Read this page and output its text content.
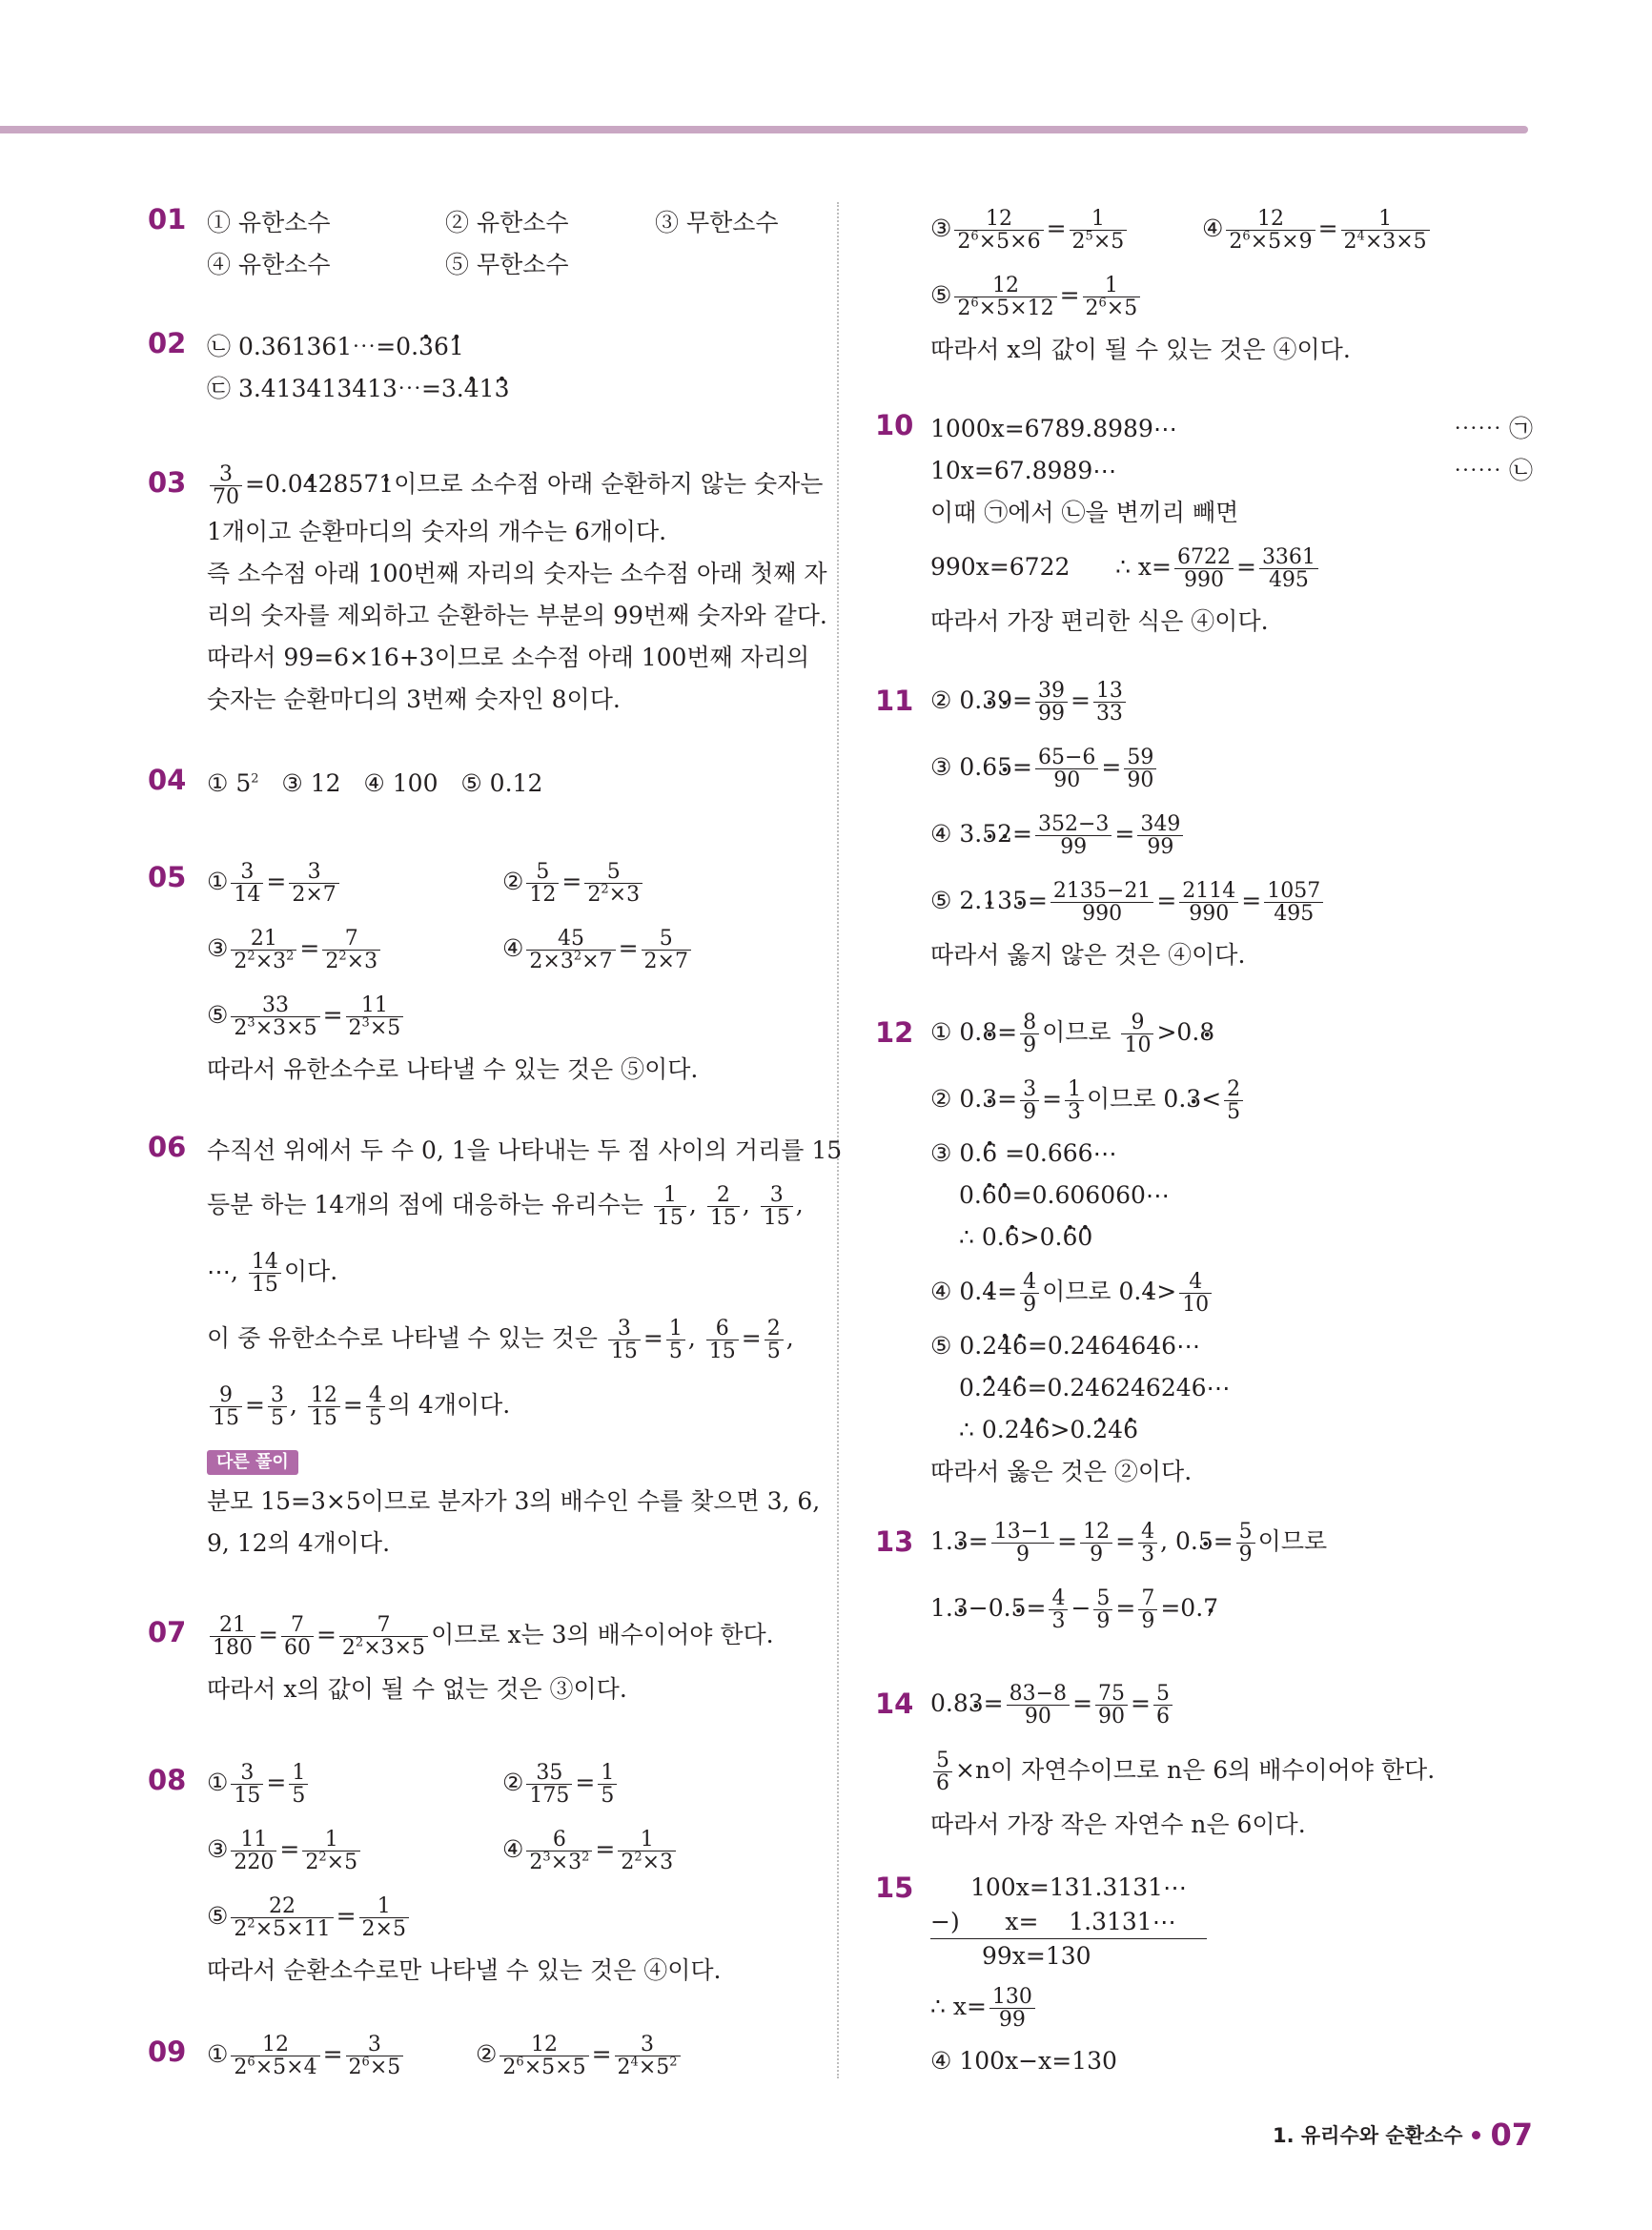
01 ① 유한소수	② 유한소수	③ 무한소수
④ 유한소수	⑤ 무한소수
02 ㉡ 0.361361⋯=0.· 36· 1
㉢ 3.413413413⋯=3.· 41· 3
$03 \frac{3}{70} =0.0\cdot 42857\cdot 1$이므로 소수점 아래 순환하지 않는 숫자는
1개이고 순환마디의 숫자의 개수는 6개이다.
즉 소수점 아래 100번째 자리의 숫자는 소수점 아래 첫째 자
리의 숫자를 제외하고 순환하는 부분의 99번째 숫자와 같다.
따라서 99=6×16+3이므로 소수점 아래 100번째 자리의
숫자는 순환마디의 3번째 숫자인 8이다.
04 ① $5^2$ ③ 12 ④ 100 ⑤ 0.12
05 ① $\frac{3}{14} = \frac{3}{2\times 7}$	② $\frac{5}{12} = \frac{5}{2^2\times 3}$
③ $\frac{21}{2^2\times 3^2} = \frac{7}{2^2\times 3}$	④ $\frac{45}{2\times 3^2\times 7} = \frac{5}{2\times 7}$
⑤ $\frac{33}{2^3\times 3\times 5} = \frac{11}{2^3\times 5}$
따라서 유한소수로 나타낼 수 있는 것은 ⑤이다.
06 수직선 위에서 두 수 0, 1을 나타내는 두 점 사이의 거리를 15
등분 하는 14개의 점에 대응하는 유리수는 $\frac{1}{15}$ , $\frac{2}{15}$ , $\frac{3}{15}$ ,
⋯, $\frac{14}{15}$ 이다.
이 중 유한소수로 나타낼 수 있는 것은 $\frac{3}{15} = \frac{1}{5}$ , $\frac{6}{15} = \frac{2}{5}$ ,
$\frac{9}{15} = \frac{3}{5}$ , $\frac{12}{15} = \frac{4}{5}$ 의 4개이다.
다른 풀이
분모 15=3×5이므로 분자가 3의 배수인 수를 찾으면 3, 6,
9, 12의 4개이다.
$07 \frac{21}{180} = \frac{7}{60} = \frac{7}{2^2\times 3\times 5}$ 이므로 x는 3의 배수이어야 한다.
따라서 x의 값이 될 수 없는 것은 ③이다.
08 ① $\frac{3}{15} = \frac{1}{5}$	② $\frac{35}{175} = \frac{1}{5}$
③ $\frac{11}{220} = \frac{1}{2^2\times 5}$	④ $\frac{6}{2^3\times 3^2} = \frac{1}{2^2\times 3}$
⑤ $\frac{22}{2^2\times 5\times 11} = \frac{1}{2\times 5}$
따라서 순환소수로만 나타낼 수 있는 것은 ④이다.
09 ① $\frac{12}{2^6\times 5\times 4} = \frac{3}{2^6\times 5}$	② $\frac{12}{2^6\times 5\times 5} = \frac{3}{2^4\times 5^2}$
③ $\frac{12}{2^6\times 5\times 6} = \frac{1}{2^5\times 5}$	④ $\frac{12}{2^6\times 5\times 9} = \frac{1}{2^4\times 3\times 5}$
⑤ $\frac{12}{2^6\times 5\times 12} = \frac{1}{2^6\times 5}$
따라서 x의 값이 될 수 있는 것은 ④이다.
10 1000x=6789.8989⋯	⋯⋯ ㉠
10x=67.8989⋯	⋯⋯ ㉡
이때 ㉠에서 ㉡을 변끼리 빼면
990x=6722 ∴ $x= \frac{6722}{990} = \frac{3361}{495}$
따라서 가장 편리한 식은 ④이다.
11 ② $0.\cdot 3\cdot 9= \frac{39}{99} = \frac{13}{33}$
③ $0.6\cdot 5= \frac{65-6}{90} = \frac{59}{90}$
④ $3.\cdot 5\cdot 2= \frac{352-3}{99} = \frac{349}{99}$
⑤ $2.\cdot 13\cdot 5= \frac{2135-21}{990} = \frac{2114}{990} = \frac{1057}{495}$
따라서 옳지 않은 것은 ④이다.
12 ① $0.\cdot 8= \frac{8}{9}$ 이므로 $\frac{9}{10} >0.\cdot 8$
② $0.\cdot 3= \frac{3}{9} = \frac{1}{3}$ 이므로 $0.\cdot 3< \frac{2}{5}$
③ 0.· 6 =0.666⋯
0.· 6· 0=0.606060⋯
∴ 0.· 6>0.· 6· 0
④ $0.\cdot 4= \frac{4}{9}$ 이므로 $0.\cdot 4> \frac{4}{10}$
⑤ 0.2· 4· 6=0.2464646⋯
0.· 24· 6=0.246246246⋯
∴ 0.2· 4· 6>0.· 24· 6
따라서 옳은 것은 ②이다.
13 $1.\cdot 3= \frac{13-1}{9} = \frac{12}{9} = \frac{4}{3}$ , $0.\cdot 5= \frac{5}{9}$ 이므로
$1.\cdot 3-0.\cdot 5= \frac{4}{3} - \frac{5}{9} = \frac{7}{9} =0.\cdot 7$
14 $0.8\cdot 3= \frac{83-8}{90} = \frac{75}{90} = \frac{5}{6}$
$\frac{5}{6} \times n$이 자연수이므로 n은 6의 배수이어야 한다.
따라서 가장 작은 자연수 n은 6이다.
15	100x=131.3131⋯
−)      x=    1.3131⋯
99x=130
∴ $x= \frac{130}{99}$
④ 100x−x=130
1. 유리수와 순환소수 07
